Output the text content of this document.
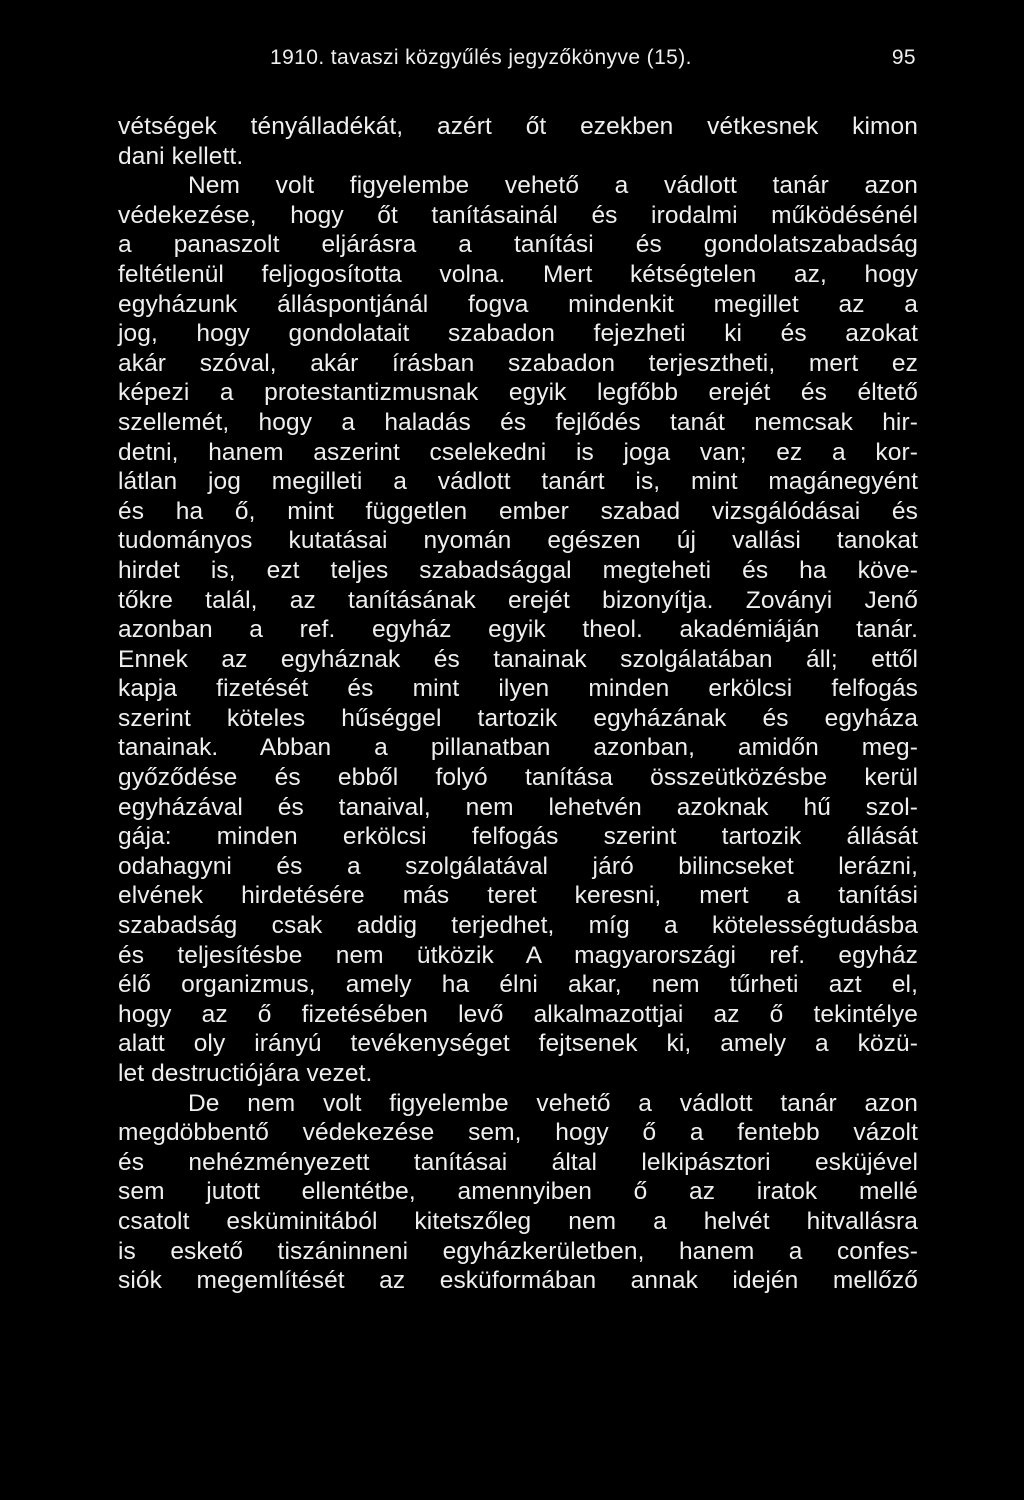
1910. tavaszi közgyűlés jegyzőkönyve (15).	95
vétségek tényálladékát, azért őt ezekben vétkesnek kimon
dani kellett.
Nem volt figyelembe vehető a vádlott tanár azon
védekezése, hogy őt tanításainál és irodalmi működésénél
a panaszolt eljárásra a tanítási és gondolatszabadság
feltétlenül feljogosította volna. Mert kétségtelen az, hogy
egyházunk álláspontjánál fogva mindenkit megillet az a
jog, hogy gondolatait szabadon fejezheti ki és azokat
akár szóval, akár írásban szabadon terjesztheti, mert ez
képezi a protestantizmusnak egyik legfőbb erejét és éltető
szellemét, hogy a haladás és fejlődés tanát nemcsak hir-
detni, hanem aszerint cselekedni is joga van; ez a kor-
látlan jog megilleti a vádlott tanárt is, mint magánegyént
és ha ő, mint független ember szabad vizsgálódásai és
tudományos kutatásai nyomán egészen új vallási tanokat
hirdet is, ezt teljes szabadsággal megteheti és ha köve-
tőkre talál, az tanításának erejét bizonyítja. Zoványi Jenő
azonban a ref. egyház egyik theol. akadémiáján tanár.
Ennek az egyháznak és tanainak szolgálatában áll; ettől
kapja fizetését és mint ilyen minden erkölcsi felfogás
szerint köteles hűséggel tartozik egyházának és egyháza
tanainak. Abban a pillanatban azonban, amidőn meg-
győződése és ebből folyó tanítása összeütközésbe kerül
egyházával és tanaival, nem lehetvén azoknak hű szol-
gája: minden erkölcsi felfogás szerint tartozik állását
odahagyni és a szolgálatával járó bilincseket lerázni,
elvének hirdetésére más teret keresni, mert a tanítási
szabadság csak addig terjedhet, míg a kötelességtudásba
és teljesítésbe nem ütközik A magyarországi ref. egyház
élő organizmus, amely ha élni akar, nem tűrheti azt el,
hogy az ő fizetésében levő alkalmazottjai az ő tekintélye
alatt oly irányú tevékenységet fejtsenek ki, amely a közü-
let destructiójára vezet.
De nem volt figyelembe vehető a vádlott tanár azon
megdöbbentő védekezése sem, hogy ő a fentebb vázolt
és nehézményezett tanításai által lelkipásztori esküjével
sem jutott ellentétbe, amennyiben ő az iratok mellé
csatolt esküminitából kitetszőleg nem a helvét hitvallásra
is eskető tiszáninneni egyházkerületben, hanem a confes-
siók megemlítését az esküformában annak idején mellőző
